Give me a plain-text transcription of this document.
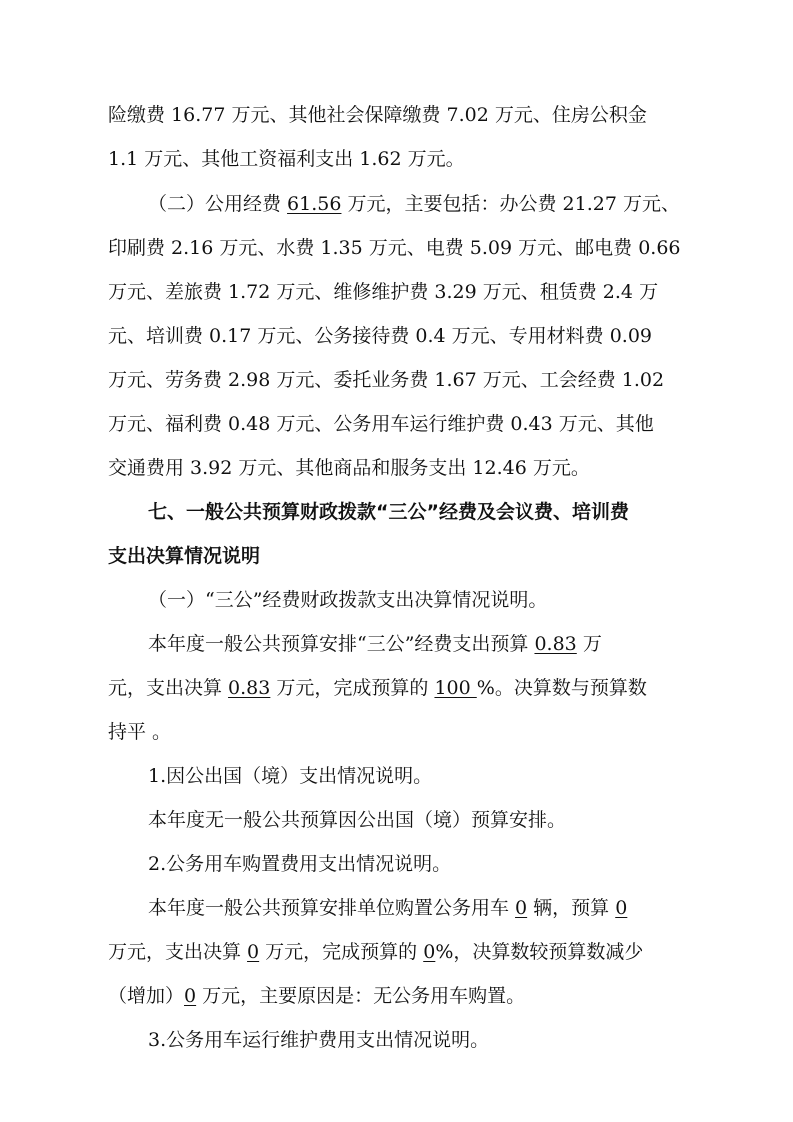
险缴费 16.77 万元、其他社会保障缴费 7.02 万元、住房公积金
1.1 万元、其他工资福利支出 1.62 万元。
（二）公用经费 61.56 万元，主要包括：办公费 21.27 万元、
印刷费 2.16 万元、水费 1.35 万元、电费 5.09 万元、邮电费 0.66
万元、差旅费 1.72 万元、维修维护费 3.29 万元、租赁费 2.4 万
元、培训费 0.17 万元、公务接待费 0.4 万元、专用材料费 0.09
万元、劳务费 2.98 万元、委托业务费 1.67 万元、工会经费 1.02
万元、福利费 0.48 万元、公务用车运行维护费 0.43 万元、其他
交通费用 3.92 万元、其他商品和服务支出 12.46 万元。
七、一般公共预算财政拨款“三公”经费及会议费、培训费
支出决算情况说明
（一）“三公”经费财政拨款支出决算情况说明。
本年度一般公共预算安排“三公”经费支出预算 0.83 万
元，支出决算 0.83 万元，完成预算的 100 %。决算数与预算数
持平 。
1.因公出国（境）支出情况说明。
本年度无一般公共预算因公出国（境）预算安排。
2.公务用车购置费用支出情况说明。
本年度一般公共预算安排单位购置公务用车 0 辆，预算 0
万元，支出决算 0 万元，完成预算的 0%，决算数较预算数减少
（增加）0 万元，主要原因是：无公务用车购置。
3.公务用车运行维护费用支出情况说明。
